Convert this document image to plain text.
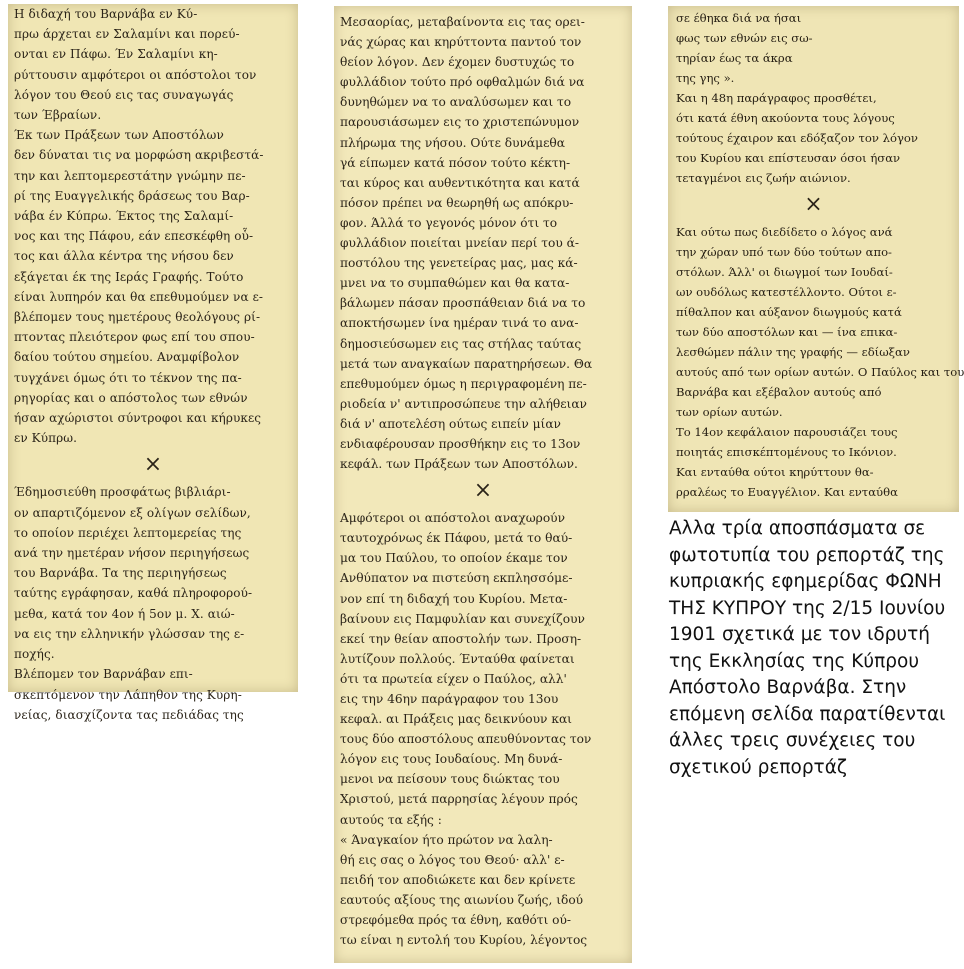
Η διδαχή του Βαρνάβα εν Κύ-

πρω άρχεται εν Σαλαμίνι και πορεύ-

ονται εν Πάφω. Έν Σαλαμίνι κη-

ρύττουσιν αμφότεροι οι απόστολοι τον

λόγον του Θεού εις τας συναγωγάς

των Έβραίων.

Έκ των Πράξεων των Αποστόλων

δεν δύναται τις να μορφώση ακριβεστά-

την και λεπτομερεστάτην γνώμην πε-

ρί της Ευαγγελικής δράσεως του Βαρ-

νάβα έν Κύπρω. Έκτος της Σαλαμί-

νος και της Πάφου, εάν επεσκέφθη οὗ-

τος και άλλα κέντρα της νήσου δεν

εξάγεται έκ της Ιεράς Γραφής. Τούτο

είναι λυπηρόν και θα επεθυμούμεν να ε-

βλέπομεν τους ημετέρους θεολόγους ρί-

πτοντας πλειότερον φως επί του σπου-

δαίου τούτου σημείου. Αναμφίβολον

τυγχάνει όμως ότι το τέκνον της πα-

ρηγορίας και ο απόστολος των εθνών

ήσαν αχώριστοι σύντροφοι και κήρυκες

εν Κύπρω.

×

Έδημοσιεύθη προσφάτως βιβλιάρι-

ον απαρτιζόμενον εξ ολίγων σελίδων,

το οποίον περιέχει λεπτομερείας της

ανά την ημετέραν νήσον περιηγήσεως

του Βαρνάβα. Τα της περιηγήσεως

ταύτης εγράφησαν, καθά πληροφορού-

μεθα, κατά τον 4ον ή 5ον μ. Χ. αιώ-

να εις την ελληνικήν γλώσσαν της ε-

ποχής.

Βλέπομεν τον Βαρνάβαν επι-

σκεπτόμενον την Λάπηθον της Κυρη-

νείας, διασχίζοντα τας πεδιάδας της

Μεσαορίας, μεταβαίνοντα εις τας ορει-

νάς χώρας και κηρύττοντα παντού τον

θείον λόγον. Δεν έχομεν δυστυχώς το

φυλλάδιον τούτο πρό οφθαλμών διά να

δυνηθώμεν να το αναλύσωμεν και το

παρουσιάσωμεν εις το χριστεπώνυμον

πλήρωμα της νήσου. Ούτε δυνάμεθα

γά είπωμεν κατά πόσον τούτο κέκτη-

ται κύρος και αυθεντικότητα και κατά

πόσον πρέπει να θεωρηθή ως απόκρυ-

φον. Άλλά το γεγονός μόνον ότι το

φυλλάδιον ποιείται μνείαν περί του ά-

ποστόλου της γενετείρας μας, μας κά-

μνει να το συμπαθώμεν και θα κατα-

βάλωμεν πάσαν προσπάθειαν διά να το

αποκτήσωμεν ίνα ημέραν τινά το ανα-

δημοσιεύσωμεν εις τας στήλας ταύτας

μετά των αναγκαίων παρατηρήσεων. Θα

επεθυμούμεν όμως η περιγραφομένη πε-

ριοδεία ν' αντιπροσώπευε την αλήθειαν

διά ν' αποτελέση ούτως ειπείν μίαν

ενδιαφέρουσαν προσθήκην εις το 13ον

κεφάλ. των Πράξεων των Αποστόλων.

×

Αμφότεροι οι απόστολοι αναχωρούν

ταυτοχρόνως έκ Πάφου, μετά το θαύ-

μα του Παύλου, το οποίον έκαμε τον

Ανθύπατον να πιστεύση εκπλησσόμε-

νον επί τη διδαχή του Κυρίου. Μετα-

βαίνουν εις Παμφυλίαν και συνεχίζουν

εκεί την θείαν αποστολήν των. Προση-

λυτίζουν πολλούς. Ένταύθα φαίνεται

ότι τα πρωτεία είχεν ο Παύλος, αλλ'

εις την 46ην παράγραφον του 13ου

κεφαλ. αι Πράξεις μας δεικνύουν και

τους δύο αποστόλους απευθύνοντας τον

λόγον εις τους Ιουδαίους. Μη δυνά-

μενοι να πείσουν τους διώκτας του

Χριστού, μετά παρρησίας λέγουν πρός

αυτούς τα εξής :

« Άναγκαίον ήτο πρώτον να λαλη-

θή εις σας ο λόγος του Θεού· αλλ' ε-

πειδή τον αποδιώκετε και δεν κρίνετε

εαυτούς αξίους της αιωνίου ζωής, ιδού

στρεφόμεθα πρός τα έθνη, καθότι ού-

τω είναι η εντολή του Κυρίου, λέγοντος

σε έθηκα διά να ήσαι

φως των εθνών εις σω-

τηρίαν έως τα άκρα

της γης ».

Και η 48η παράγραφος προσθέτει,

ότι κατά έθνη ακούοντα τους λόγους

τούτους έχαιρον και εδόξαζον τον λόγον

του Κυρίου και επίστευσαν όσοι ήσαν

τεταγμένοι εις ζωήν αιώνιον.

×

Και ούτω πως διεδίδετο ο λόγος ανά

την χώραν υπό των δύο τούτων απο-

στόλων. Άλλ' οι διωγμοί των Ιουδαί-

ων ουδόλως κατεστέλλοντο. Ούτοι ε-

πίθαλπον και αύξανον διωγμούς κατά

των δύο αποστόλων και — ίνα επικα-

λεσθώμεν πάλιν της γραφής — εδίωξαν

αυτούς από των ορίων αυτών. Ο Παύλος και του

Βαρνάβα και εξέβαλον αυτούς από

των ορίων αυτών.

Το 14ον κεφάλαιον παρουσιάζει τους

ποιητάς επισκέπτομένους το Ικόνιον.

Και ενταύθα ούτοι κηρύττουν θα-

ρραλέως το Ευαγγέλιον. Και ενταύθα

Αλλα τρία αποσπάσματα σε φωτοτυπία του ρεπορτάζ της κυπριακής εφημερίδας ΦΩΝΗ ΤΗΣ ΚΥΠΡΟΥ της 2/15 Ιουνίου 1901 σχετικά με τον ιδρυτή της Εκκλησίας της Κύπρου Απόστολο Βαρνάβα. Στην επόμενη σελίδα παρατίθενται άλλες τρεις συνέχειες του σχετικού ρεπορτάζ
